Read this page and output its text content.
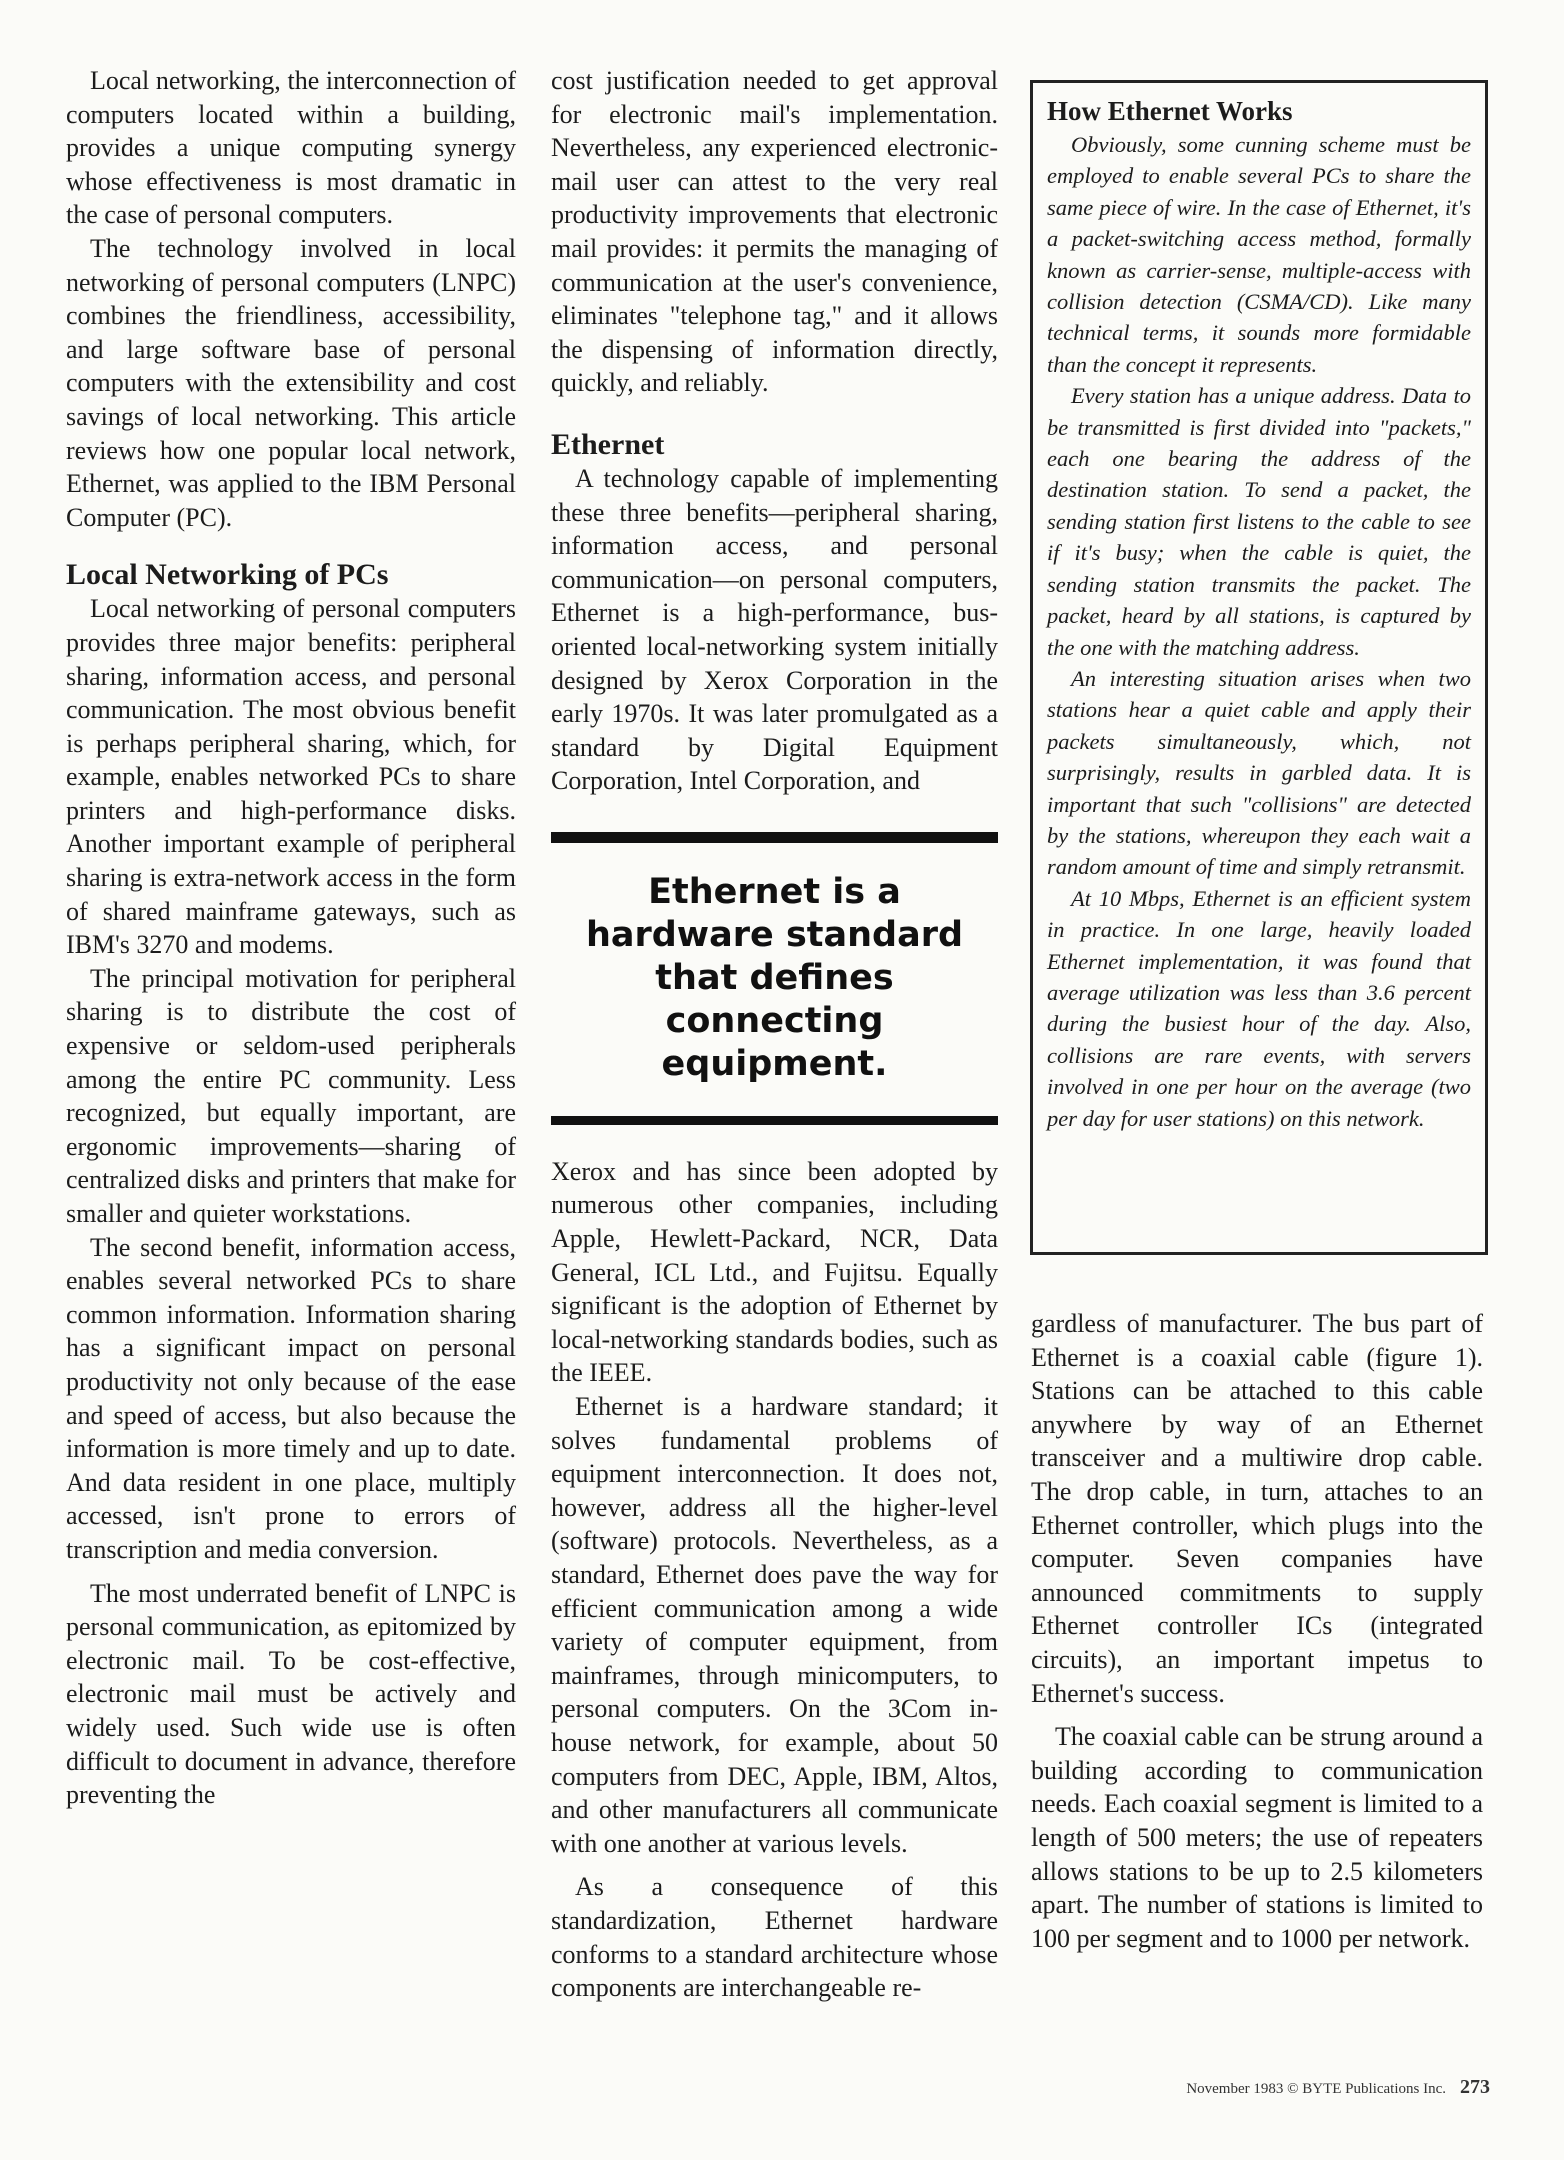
Local networking, the interconnection of computers located within a building, provides a unique computing synergy whose effectiveness is most dramatic in the case of personal computers.

The technology involved in local networking of personal computers (LNPC) combines the friendliness, accessibility, and large software base of personal computers with the extensibility and cost savings of local networking. This article reviews how one popular local network, Ethernet, was applied to the IBM Personal Computer (PC).

Local Networking of PCs

Local networking of personal computers provides three major benefits: peripheral sharing, information access, and personal communication. The most obvious benefit is perhaps peripheral sharing, which, for example, enables networked PCs to share printers and high-performance disks. Another important example of peripheral sharing is extra-network access in the form of shared mainframe gateways, such as IBM's 3270 and modems.

The principal motivation for peripheral sharing is to distribute the cost of expensive or seldom-used peripherals among the entire PC community. Less recognized, but equally important, are ergonomic improvements—sharing of centralized disks and printers that make for smaller and quieter workstations.

The second benefit, information access, enables several networked PCs to share common information. Information sharing has a significant impact on personal productivity not only because of the ease and speed of access, but also because the information is more timely and up to date. And data resident in one place, multiply accessed, isn't prone to errors of transcription and media conversion.

The most underrated benefit of LNPC is personal communication, as epitomized by electronic mail. To be cost-effective, electronic mail must be actively and widely used. Such wide use is often difficult to document in advance, therefore preventing the

cost justification needed to get approval for electronic mail's implementation. Nevertheless, any experienced electronic-mail user can attest to the very real productivity improvements that electronic mail provides: it permits the managing of communication at the user's convenience, eliminates "telephone tag," and it allows the dispensing of information directly, quickly, and reliably.

Ethernet

A technology capable of implementing these three benefits—peripheral sharing, information access, and personal communication—on personal computers, Ethernet is a high-performance, bus-oriented local-networking system initially designed by Xerox Corporation in the early 1970s. It was later promulgated as a standard by Digital Equipment Corporation, Intel Corporation, and

Ethernet is a hardware standard that defines connecting equipment.

Xerox and has since been adopted by numerous other companies, including Apple, Hewlett-Packard, NCR, Data General, ICL Ltd., and Fujitsu. Equally significant is the adoption of Ethernet by local-networking standards bodies, such as the IEEE.

Ethernet is a hardware standard; it solves fundamental problems of equipment interconnection. It does not, however, address all the higher-level (software) protocols. Nevertheless, as a standard, Ethernet does pave the way for efficient communication among a wide variety of computer equipment, from mainframes, through minicomputers, to personal computers. On the 3Com in-house network, for example, about 50 computers from DEC, Apple, IBM, Altos, and other manufacturers all communicate with one another at various levels.

As a consequence of this standardization, Ethernet hardware conforms to a standard architecture whose components are interchangeable re-

How Ethernet Works

Obviously, some cunning scheme must be employed to enable several PCs to share the same piece of wire. In the case of Ethernet, it's a packet-switching access method, formally known as carrier-sense, multiple-access with collision detection (CSMA/CD). Like many technical terms, it sounds more formidable than the concept it represents.

Every station has a unique address. Data to be transmitted is first divided into "packets," each one bearing the address of the destination station. To send a packet, the sending station first listens to the cable to see if it's busy; when the cable is quiet, the sending station transmits the packet. The packet, heard by all stations, is captured by the one with the matching address.

An interesting situation arises when two stations hear a quiet cable and apply their packets simultaneously, which, not surprisingly, results in garbled data. It is important that such "collisions" are detected by the stations, whereupon they each wait a random amount of time and simply retransmit.

At 10 Mbps, Ethernet is an efficient system in practice. In one large, heavily loaded Ethernet implementation, it was found that average utilization was less than 3.6 percent during the busiest hour of the day. Also, collisions are rare events, with servers involved in one per hour on the average (two per day for user stations) on this network.

gardless of manufacturer. The bus part of Ethernet is a coaxial cable (figure 1). Stations can be attached to this cable anywhere by way of an Ethernet transceiver and a multiwire drop cable. The drop cable, in turn, attaches to an Ethernet controller, which plugs into the computer. Seven companies have announced commitments to supply Ethernet controller ICs (integrated circuits), an important impetus to Ethernet's success.

The coaxial cable can be strung around a building according to communication needs. Each coaxial segment is limited to a length of 500 meters; the use of repeaters allows stations to be up to 2.5 kilometers apart. The number of stations is limited to 100 per segment and to 1000 per network.

November 1983 © BYTE Publications Inc. 273
